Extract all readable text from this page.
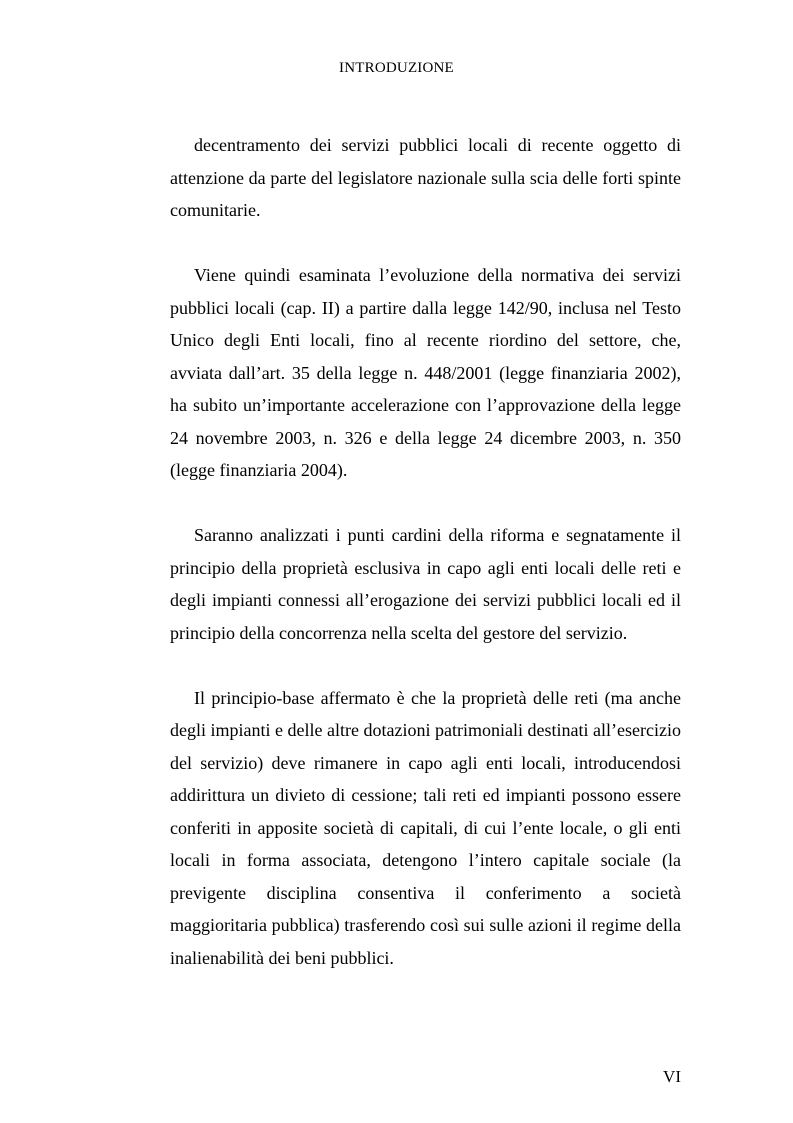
INTRODUZIONE

decentramento dei servizi pubblici locali di recente oggetto di attenzione da parte del legislatore nazionale sulla scia delle forti spinte comunitarie.

Viene quindi esaminata l’evoluzione della normativa dei servizi pubblici locali (cap. II) a partire dalla legge 142/90, inclusa nel Testo Unico degli Enti locali, fino al recente riordino del settore, che, avviata dall’art. 35 della legge n. 448/2001 (legge finanziaria 2002), ha subito un’importante accelerazione con l’approvazione della legge 24 novembre 2003, n. 326 e della legge 24 dicembre 2003, n. 350 (legge finanziaria 2004).

Saranno analizzati i punti cardini della riforma e segnatamente il principio della proprietà esclusiva in capo agli enti locali delle reti e degli impianti connessi all’erogazione dei servizi pubblici locali ed il principio della concorrenza nella scelta del gestore del servizio.

Il principio-base affermato è che la proprietà delle reti (ma anche degli impianti e delle altre dotazioni patrimoniali destinati all’esercizio del servizio) deve rimanere in capo agli enti locali, introducendosi addirittura un divieto di cessione; tali reti ed impianti possono essere conferiti in apposite società di capitali, di cui l’ente locale, o gli enti locali in forma associata, detengono l’intero capitale sociale (la previgente disciplina consentiva il conferimento a società maggioritaria pubblica) trasferendo così sui sulle azioni il regime della inalienabilità dei beni pubblici.

VI
